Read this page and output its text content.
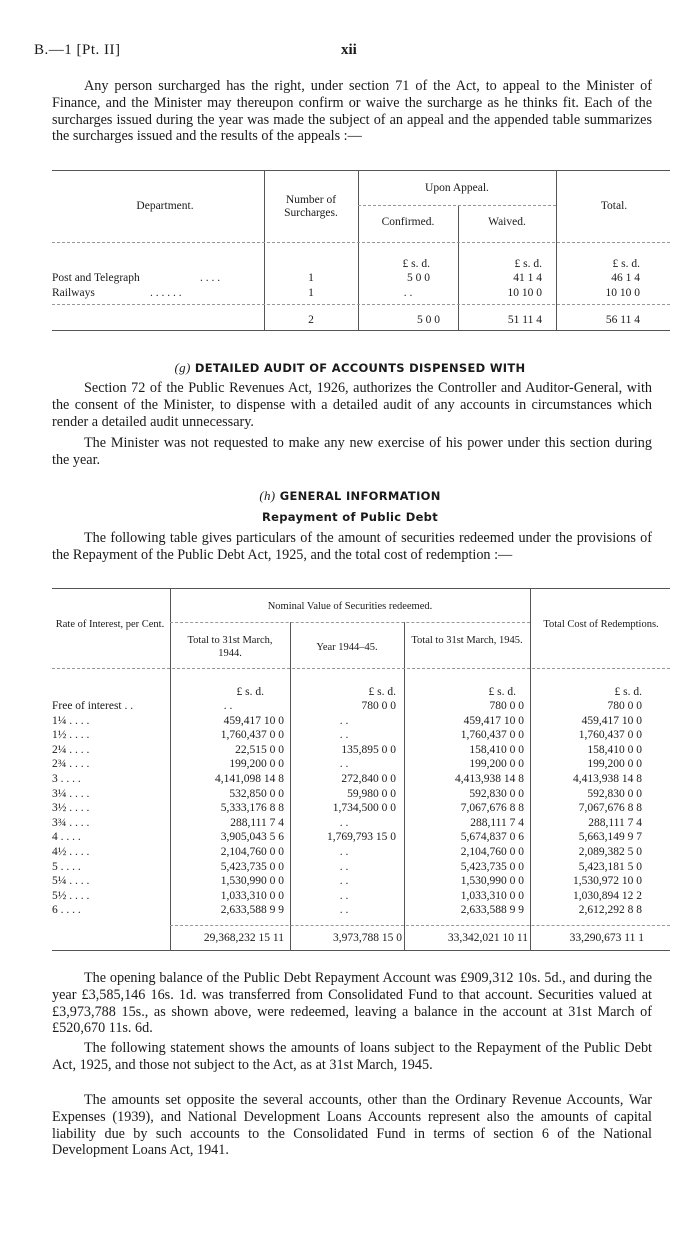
B.—1 [Pt. II]	xii
Any person surcharged has the right, under section 71 of the Act, to appeal to the Minister of Finance, and the Minister may thereupon confirm or waive the surcharge as he thinks fit. Each of the surcharges issued during the year was made the subject of an appeal and the appended table summarizes the surcharges issued and the results of the appeals :—
Department.	Number of Surcharges.
Upon Appeal.
Confirmed.	Waived.
Total.
£ s. d.	£ s. d.	£ s. d.
Post and Telegraph	. . . .	1	5 0 0	41 1 4	46 1 4
Railways	. . . . . .	1	. .	10 10 0	10 10 0
2	5 0 0	51 11 4	56 11 4
(g) DETAILED AUDIT OF ACCOUNTS DISPENSED WITH
Section 72 of the Public Revenues Act, 1926, authorizes the Controller and Auditor-General, with the consent of the Minister, to dispense with a detailed audit of any accounts in circumstances which render a detailed audit unnecessary.
The Minister was not requested to make any new exercise of his power under this section during the year.
(h) GENERAL INFORMATION
Repayment of Public Debt
The following table gives particulars of the amount of securities redeemed under the provisions of the Repayment of the Public Debt Act, 1925, and the total cost of redemption :—
Rate of Interest, per Cent.
Nominal Value of Securities redeemed.
Total to 31st March, 1944.
Year 1944–45.
Total to 31st March, 1945.
Total Cost of Redemptions.
£ s. d.	£ s. d.	£ s. d.	£ s. d.
Free of interest . .	. .	780 0 0	780 0 0	780 0 0
1¼ . . . .	459,417 10 0	. .	459,417 10 0	459,417 10 0
1½ . . . .	1,760,437 0 0	. .	1,760,437 0 0	1,760,437 0 0
2¼ . . . .	22,515 0 0	135,895 0 0	158,410 0 0	158,410 0 0
2¾ . . . .	199,200 0 0	. .	199,200 0 0	199,200 0 0
3 . . . .	4,141,098 14 8	272,840 0 0	4,413,938 14 8	4,413,938 14 8
3¼ . . . .	532,850 0 0	59,980 0 0	592,830 0 0	592,830 0 0
3½ . . . .	5,333,176 8 8	1,734,500 0 0	7,067,676 8 8	7,067,676 8 8
3¾ . . . .	288,111 7 4	. .	288,111 7 4	288,111 7 4
4 . . . .	3,905,043 5 6	1,769,793 15 0	5,674,837 0 6	5,663,149 9 7
4½ . . . .	2,104,760 0 0	. .	2,104,760 0 0	2,089,382 5 0
5 . . . .	5,423,735 0 0	. .	5,423,735 0 0	5,423,181 5 0
5¼ . . . .	1,530,990 0 0	. .	1,530,990 0 0	1,530,972 10 0
5½ . . . .	1,033,310 0 0	. .	1,033,310 0 0	1,030,894 12 2
6 . . . .	2,633,588 9 9	. .	2,633,588 9 9	2,612,292 8 8
29,368,232 15 11	3,973,788 15 0	33,342,021 10 11	33,290,673 11 1
The opening balance of the Public Debt Repayment Account was £909,312 10s. 5d., and during the year £3,585,146 16s. 1d. was transferred from Consolidated Fund to that account. Securities valued at £3,973,788 15s., as shown above, were redeemed, leaving a balance in the account at 31st March of £520,670 11s. 6d.
The following statement shows the amounts of loans subject to the Repayment of the Public Debt Act, 1925, and those not subject to the Act, as at 31st March, 1945.
The amounts set opposite the several accounts, other than the Ordinary Revenue Accounts, War Expenses (1939), and National Development Loans Accounts represent also the amounts of capital liability due by such accounts to the Consolidated Fund in terms of section 6 of the National Development Loans Act, 1941.
